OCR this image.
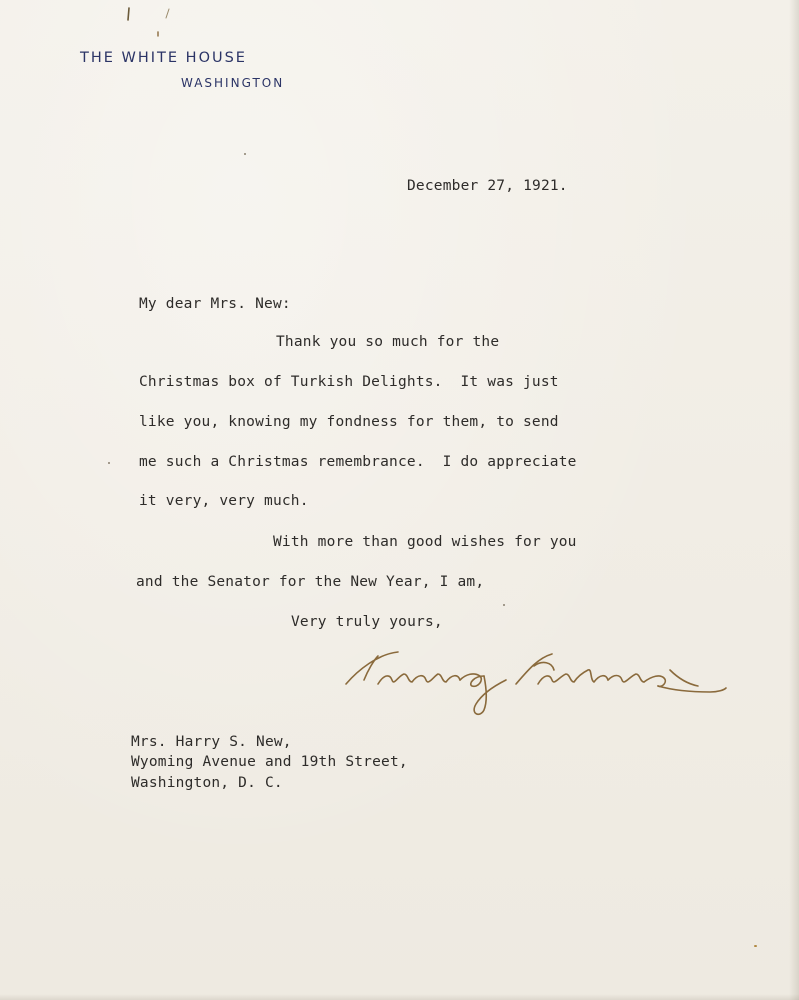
THE WHITE HOUSE
WASHINGTON
December 27, 1921.
My dear Mrs. New:
Thank you so much for the
Christmas box of Turkish Delights.  It was just
like you, knowing my fondness for them, to send
me such a Christmas remembrance.  I do appreciate
it very, very much.
With more than good wishes for you
and the Senator for the New Year, I am,
Very truly yours,
Mrs. Harry S. New,
Wyoming Avenue and 19th Street,
Washington, D. C.
